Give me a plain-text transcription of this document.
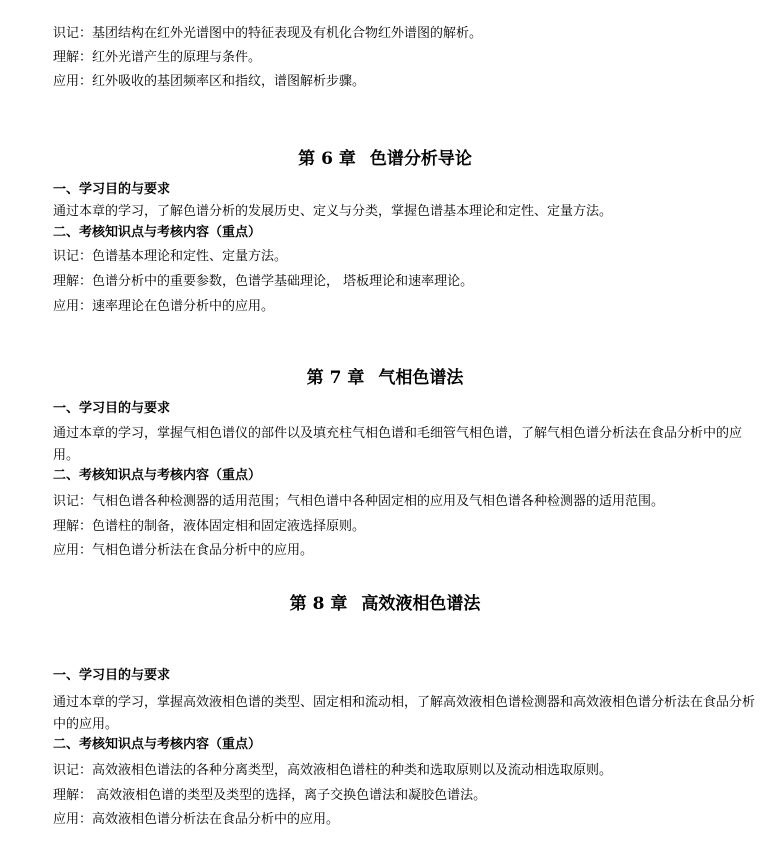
识记：基团结构在红外光谱图中的特征表现及有机化合物红外谱图的解析。
理解：红外光谱产生的原理与条件。
应用：红外吸收的基团频率区和指纹，谱图解析步骤。
第 6 章 色谱分析导论
一、学习目的与要求
通过本章的学习，了解色谱分析的发展历史、定义与分类，掌握色谱基本理论和定性、定量方法。
二、考核知识点与考核内容（重点）
识记：色谱基本理论和定性、定量方法。
理解：色谱分析中的重要参数，色谱学基础理论， 塔板理论和速率理论。
应用：速率理论在色谱分析中的应用。
第 7 章 气相色谱法
一、学习目的与要求
通过本章的学习，掌握气相色谱仪的部件以及填充柱气相色谱和毛细管气相色谱，了解气相色谱分析法在食品分析中的应用。
二、考核知识点与考核内容（重点）
识记：气相色谱各种检测器的适用范围；气相色谱中各种固定相的应用及气相色谱各种检测器的适用范围。
理解：色谱柱的制备，液体固定相和固定液选择原则。
应用：气相色谱分析法在食品分析中的应用。
第 8 章 高效液相色谱法
一、学习目的与要求
通过本章的学习，掌握高效液相色谱的类型、固定相和流动相，了解高效液相色谱检测器和高效液相色谱分析法在食品分析中的应用。
二、考核知识点与考核内容（重点）
识记：高效液相色谱法的各种分离类型，高效液相色谱柱的种类和选取原则以及流动相选取原则。
理解： 高效液相色谱的类型及类型的选择，离子交换色谱法和凝胶色谱法。
应用：高效液相色谱分析法在食品分析中的应用。
